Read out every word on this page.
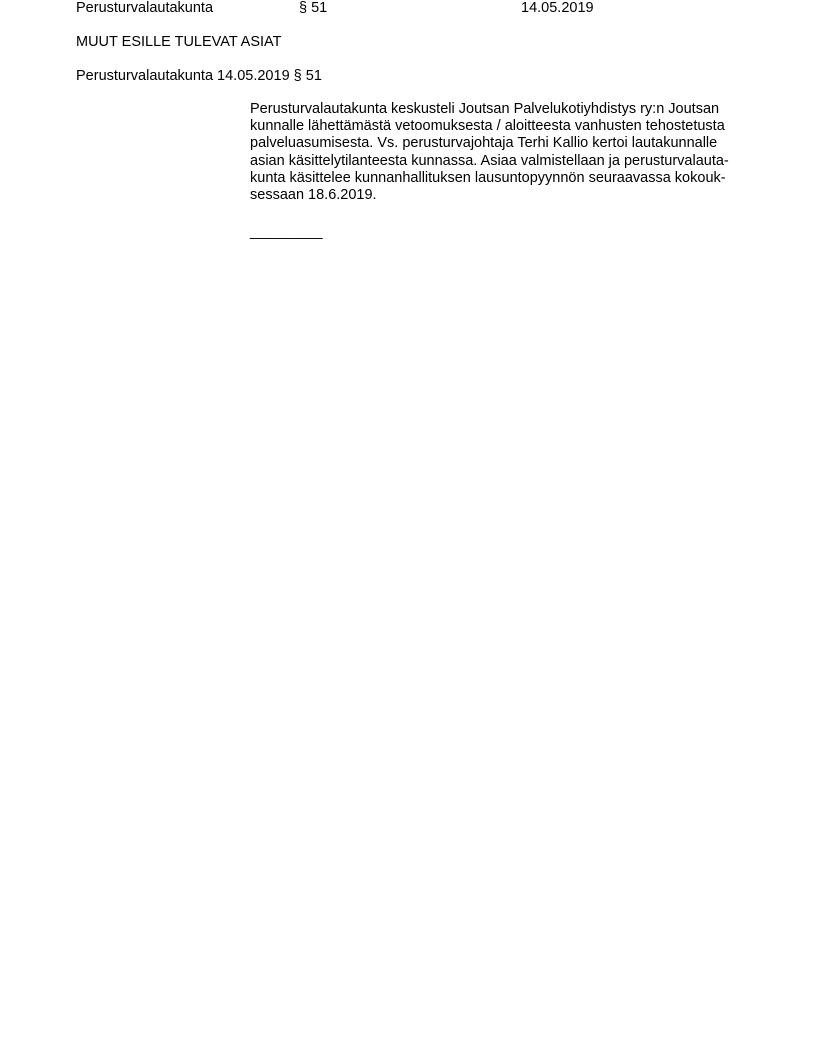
Perusturvalautakunta	§ 51	14.05.2019
MUUT ESILLE TULEVAT ASIAT
Perusturvalautakunta 14.05.2019 § 51
Perusturvalautakunta keskusteli Joutsan Palvelukotiyhdistys ry:n Joutsan
kunnalle lähettämästä vetoomuksesta / aloitteesta vanhusten tehostetusta
palveluasumisesta. Vs. perusturvajohtaja Terhi Kallio kertoi lautakunnalle
asian käsittelytilanteesta kunnassa. Asiaa valmistellaan ja perusturvalauta-
kunta käsittelee kunnanhallituksen lausuntopyynnön seuraavassa kokouk-
sessaan 18.6.2019.
_________
